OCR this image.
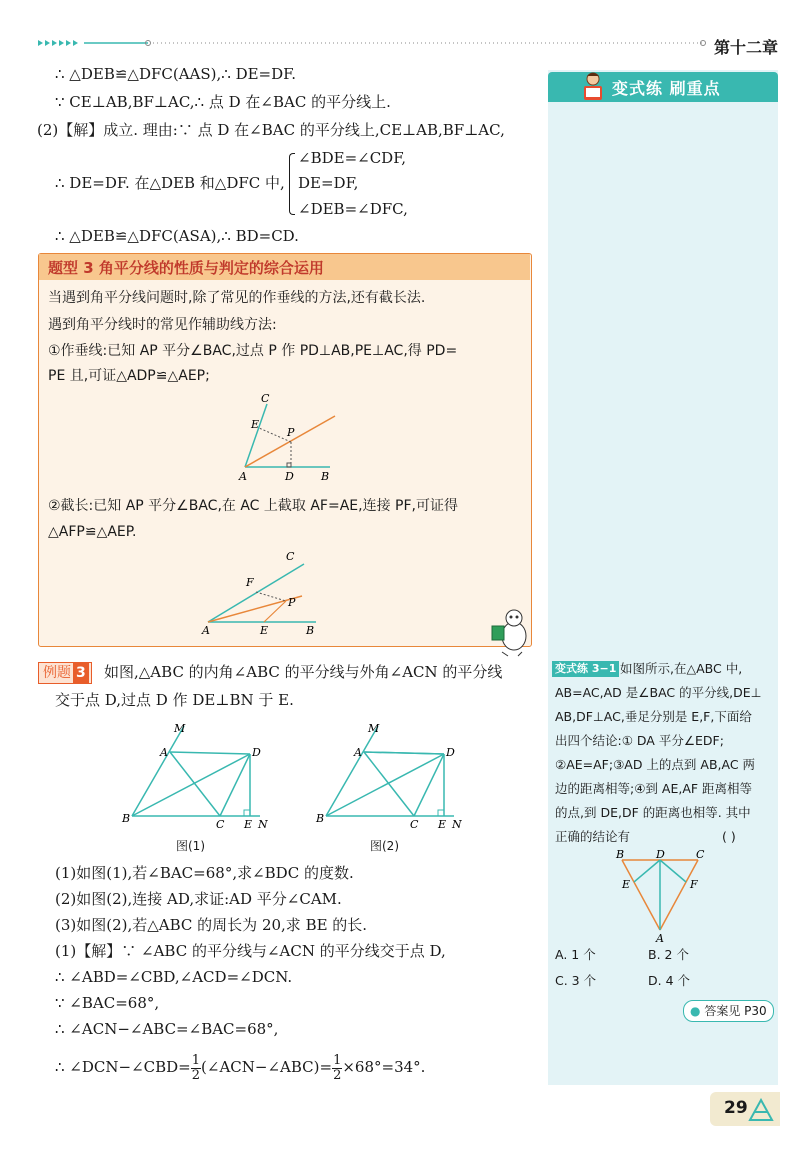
第十二章
变式练 刷重点
∴ △DEB≌△DFC(AAS),∴ DE=DF.
∵ CE⊥AB,BF⊥AC,∴ 点 D 在∠BAC 的平分线上.
(2)【解】成立. 理由:∵ 点 D 在∠BAC 的平分线上,CE⊥AB,BF⊥AC,
∴ DE=DF. 在△DEB 和△DFC 中,
∠BDE=∠CDF,
DE=DF,
∠DEB=∠DFC,
∴ △DEB≌△DFC(ASA),∴ BD=CD.
题型 3 角平分线的性质与判定的综合运用
当遇到角平分线问题时,除了常见的作垂线的方法,还有截长法.
遇到角平分线时的常见作辅助线方法:
①作垂线:已知 AP 平分∠BAC,过点 P 作 PD⊥AB,PE⊥AC,得 PD=
PE 且,可证△ADP≌△AEP;
C
E
P
A	D B
②截长:已知 AP 平分∠BAC,在 AC 上截取 AF=AE,连接 PF,可证得
△AFP≌△AEP.
C
F
P
A	E	B
例题 3	如图,△ABC 的内角∠ABC 的平分线与外角∠ACN 的平分线
交于点 D,过点 D 作 DE⊥BN 于 E.
M
A	D
B	C E N
图(1)
M
A	D
B	C E N
图(2)
(1)如图(1),若∠BAC=68°,求∠BDC 的度数.
(2)如图(2),连接 AD,求证:AD 平分∠CAM.
(3)如图(2),若△ABC 的周长为 20,求 BE 的长.
(1)【解】∵ ∠ABC 的平分线与∠ACN 的平分线交于点 D,
∴ ∠ABD=∠CBD,∠ACD=∠DCN.
∵ ∠BAC=68°,
∴ ∠ACN−∠ABC=∠BAC=68°,
∴ ∠DCN−∠CBD= $\frac{1}{2}$ (∠ACN−∠ABC)= $\frac{1}{2} \times 68^\circ=34^\circ$.
变式练 3−1 如图所示,在△ABC 中,
AB=AC,AD 是∠BAC 的平分线,DE⊥
AB,DF⊥AC,垂足分别是 E,F,下面给
出四个结论:① DA 平分∠EDF;
②AE=AF;③AD 上的点到 AB,AC 两
边的距离相等;④到 AE,AF 距离相等
的点,到 DE,DF 的距离也相等. 其中
正确的结论有	( )
B	D	C
E	F
A
A. 1 个	B. 2 个
C. 3 个	D. 4 个
● 答案见 P30
29
